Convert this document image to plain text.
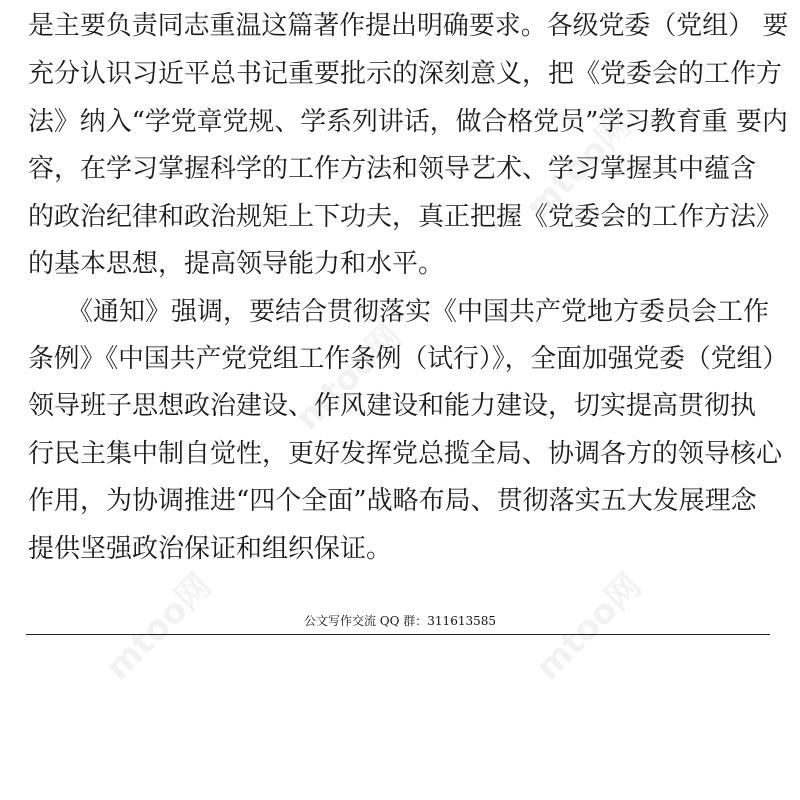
mtoo网
mtoo网
mtoo网
mtoo网
是主要负责同志重温这篇著作提出明确要求。各级党委（党组） 要
充分认识习近平总书记重要批示的深刻意义，把《党委会的工作方
法》纳入“学党章党规、学系列讲话，做合格党员”学习教育重 要内
容，在学习掌握科学的工作方法和领导艺术、学习掌握其中蕴含
的政治纪律和政治规矩上下功夫，真正把握《党委会的工作方法》
的基本思想，提高领导能力和水平。
　　《通知》强调，要结合贯彻落实《中国共产党地方委员会工作
条例》《中国共产党党组工作条例（试行）》，全面加强党委（党组）
领导班子思想政治建设、作风建设和能力建设，切实提高贯彻执
行民主集中制自觉性，更好发挥党总揽全局、协调各方的领导核心
作用，为协调推进“四个全面”战略布局、贯彻落实五大发展理念
提供坚强政治保证和组织保证。
公文写作交流 QQ 群：311613585
